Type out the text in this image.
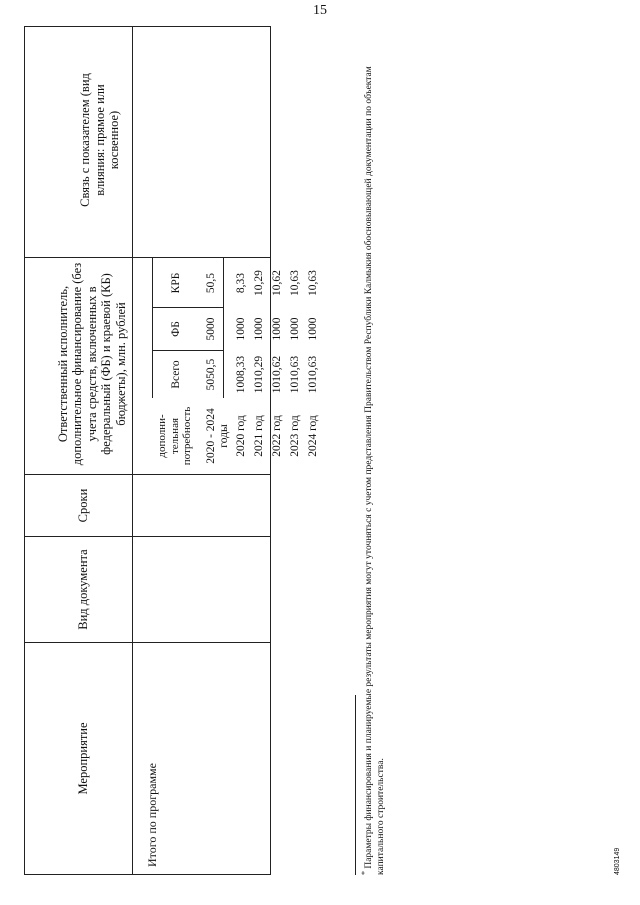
15
Мероприятие
Вид документа
Сроки
Ответственный исполнитель, дополнительное финансирование (без учета средств, включенных в федеральный (ФБ) и краевой (КБ) бюджеты), млн. рублей
Связь с показателем (вид влияния: прямое или косвенное)
дополни-тельная потребность
Всего
ФБ
КРБ
Итого по программе
* Параметры финансирования и планируемые результаты мероприятия могут уточняться с учетом представления Правительством Республики Калмыкия обосновывающей документации по объектам капитального строительства.	4803149
2020 - 2024 годы
5050,5
5000
50,5
2020 год
1008,33
1000
8,33
2021 год
1010,29
1000
10,29
2022 год
1010,62
1000
10,62
2023 год
1010,63
1000
10,63
2024 год
1010,63
1000
10,63
